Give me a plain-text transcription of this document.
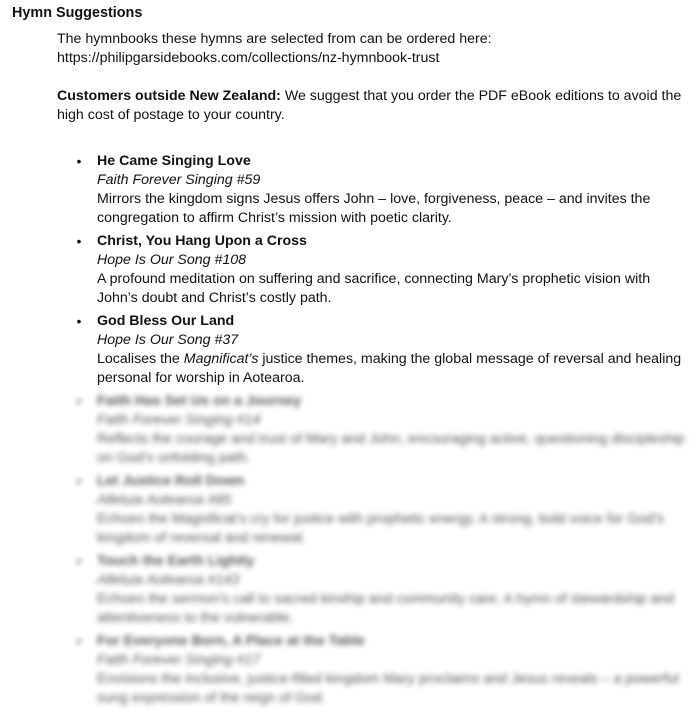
Hymn Suggestions

The hymnbooks these hymns are selected from can be ordered here:
https://philipgarsidebooks.com/collections/nz-hymnbook-trust

Customers outside New Zealand: We suggest that you order the PDF eBook editions to avoid the high cost of postage to your country.

• He Came Singing Love
Faith Forever Singing #59
Mirrors the kingdom signs Jesus offers John – love, forgiveness, peace – and invites the congregation to affirm Christ’s mission with poetic clarity.
• Christ, You Hang Upon a Cross
Hope Is Our Song #108
A profound meditation on suffering and sacrifice, connecting Mary’s prophetic vision with John’s doubt and Christ’s costly path.
• God Bless Our Land
Hope Is Our Song #37
Localises the Magnificat’s justice themes, making the global message of reversal and healing personal for worship in Aotearoa.
• Faith Has Set Us on a Journey
Faith Forever Singing #14
Reflects the courage and trust of Mary and John, encouraging active, questioning discipleship on God’s unfolding path.
• Let Justice Roll Down
Alleluia Aotearoa #85
Echoes the Magnificat’s cry for justice with prophetic energy. A strong, bold voice for God’s kingdom of reversal and renewal.
• Touch the Earth Lightly
Alleluia Aotearoa #143
Echoes the sermon’s call to sacred kinship and community care. A hymn of stewardship and attentiveness to the vulnerable.
• For Everyone Born, A Place at the Table
Faith Forever Singing #17
Envisions the inclusive, justice-filled kingdom Mary proclaims and Jesus reveals – a powerful sung expression of the reign of God.
